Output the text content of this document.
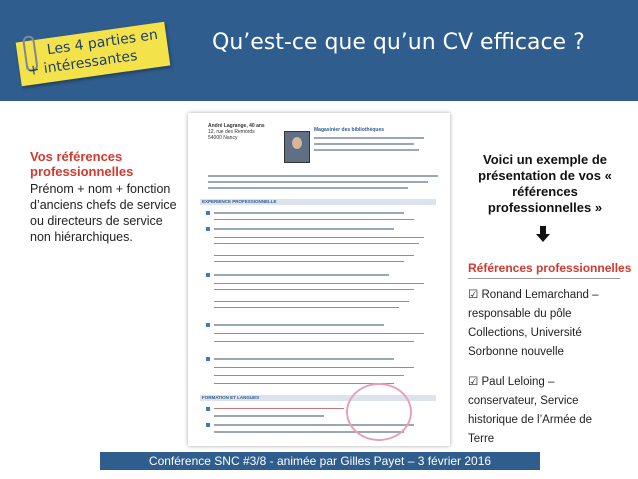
Qu’est-ce que qu’un CV efficace ?
Les 4 parties en
+ intéressantes
Vos références
professionnelles
Prénom + nom + fonction d’anciens chefs de service ou directeurs de service non hiérarchiques.
André Lagrange, 40 ans
12, rue des Remords
54000 Nancy
Magasinier des bibliothèques
EXPERIENCE PROFESSIONNELLE
FORMATION ET LANGUES
Voici un exemple de présentation de vos « références professionnelles »
Références professionnelles
☑ Ronand Lemarchand – responsable du pôle Collections, Université Sorbonne nouvelle
☑ Paul Leloing – conservateur, Service historique de l’Armée de Terre
Conférence SNC #3/8 - animée par Gilles Payet – 3 février 2016
